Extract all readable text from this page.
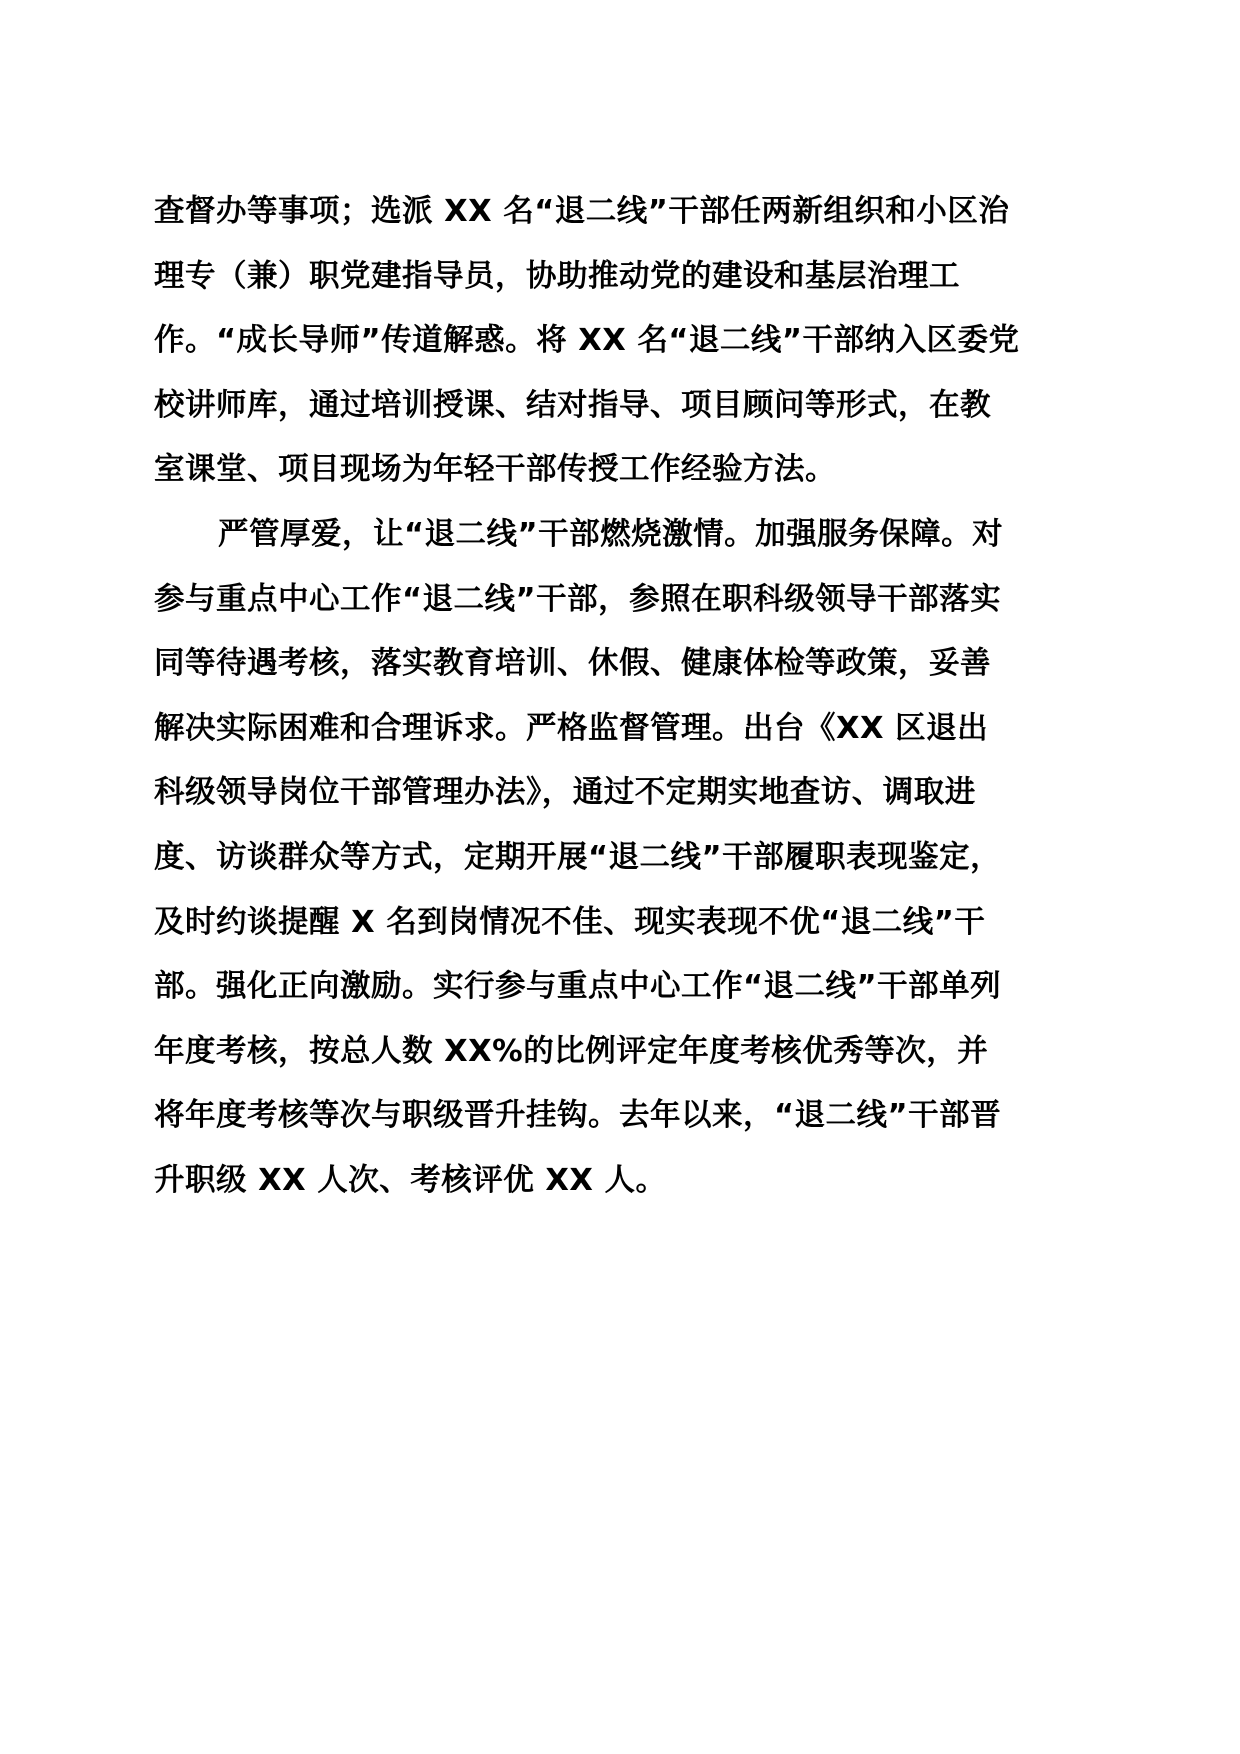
查督办等事项；选派 XX 名“退二线”干部任两新组织和小区治
理专（兼）职党建指导员，协助推动党的建设和基层治理工
作。“成长导师”传道解惑。将 XX 名“退二线”干部纳入区委党
校讲师库，通过培训授课、结对指导、项目顾问等形式，在教
室课堂、项目现场为年轻干部传授工作经验方法。
严管厚爱，让“退二线”干部燃烧激情。加强服务保障。对
参与重点中心工作“退二线”干部，参照在职科级领导干部落实
同等待遇考核，落实教育培训、休假、健康体检等政策，妥善
解决实际困难和合理诉求。严格监督管理。出台《XX 区退出
科级领导岗位干部管理办法》，通过不定期实地查访、调取进
度、访谈群众等方式，定期开展“退二线”干部履职表现鉴定，
及时约谈提醒 X 名到岗情况不佳、现实表现不优“退二线”干
部。强化正向激励。实行参与重点中心工作“退二线”干部单列
年度考核，按总人数 XX%的比例评定年度考核优秀等次，并
将年度考核等次与职级晋升挂钩。去年以来，“退二线”干部晋
升职级 XX 人次、考核评优 XX 人。
